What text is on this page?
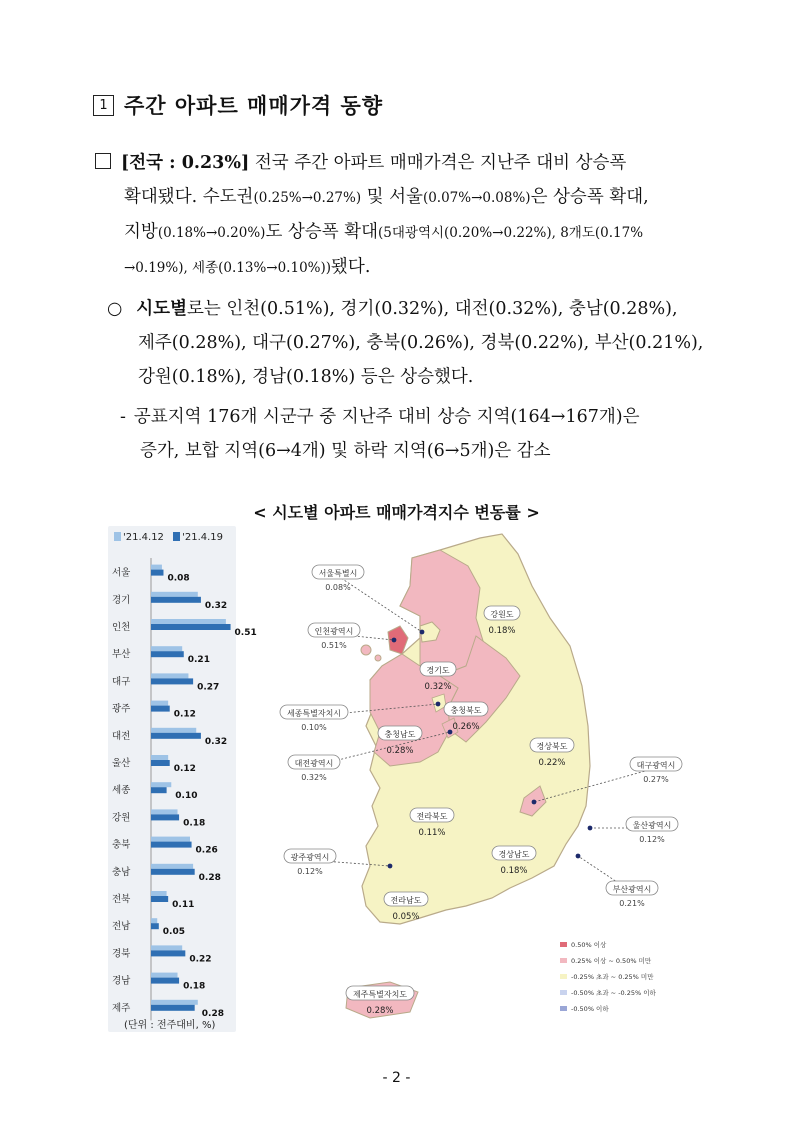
1 주간 아파트 매매가격 동향
[전국 : 0.23%] 전국 주간 아파트 매매가격은 지난주 대비 상승폭
확대됐다. 수도권(0.25%→0.27%) 및 서울(0.07%→0.08%)은 상승폭 확대,
지방(0.18%→0.20%)도 상승폭 확대(5대광역시(0.20%→0.22%), 8개도(0.17%
→0.19%), 세종(0.13%→0.10%))됐다.
○ 시도별로는 인천(0.51%), 경기(0.32%), 대전(0.32%), 충남(0.28%),
제주(0.28%), 대구(0.27%), 충북(0.26%), 경북(0.22%), 부산(0.21%),
강원(0.18%), 경남(0.18%) 등은 상승했다.
- 공표지역 176개 시군구 중 지난주 대비 상승 지역(164→167개)은
증가, 보합 지역(6→4개) 및 하락 지역(6→5개)은 감소
< 시도별 아파트 매매가격지수 변동률 >
'21.4.12 '21.4.19
서울	0.08
경기	0.32
인천	0.51
부산	0.21
대구	0.27
광주	0.12
대전	0.32
울산	0.12
세종	0.10
강원	0.18
충북	0.26
충남	0.28
전북	0.11
전남	0.05
경북	0.22
경남	0.18
제주	0.28
(단위 : 전주대비, %)
강원도
0.18%
경기도
0.32%
충청북도
0.26%
충청남도
0.28%	경상북도
0.22%
전라북도
0.11%
경상남도
0.18%
전라남도
0.05%
제주특별자치도
0.28%
서울특별시
0.08%
인천광역시
0.51%
세종특별자치시
0.10%
대전광역시
0.32%
광주광역시
0.12%
대구광역시
0.27%
울산광역시
0.12%
부산광역시
0.21%
0.50% 이상
0.25% 이상 ~ 0.50% 미만
-0.25% 초과 ~ 0.25% 미만
-0.50% 초과 ~ -0.25% 이하
-0.50% 이하
- 2 -
